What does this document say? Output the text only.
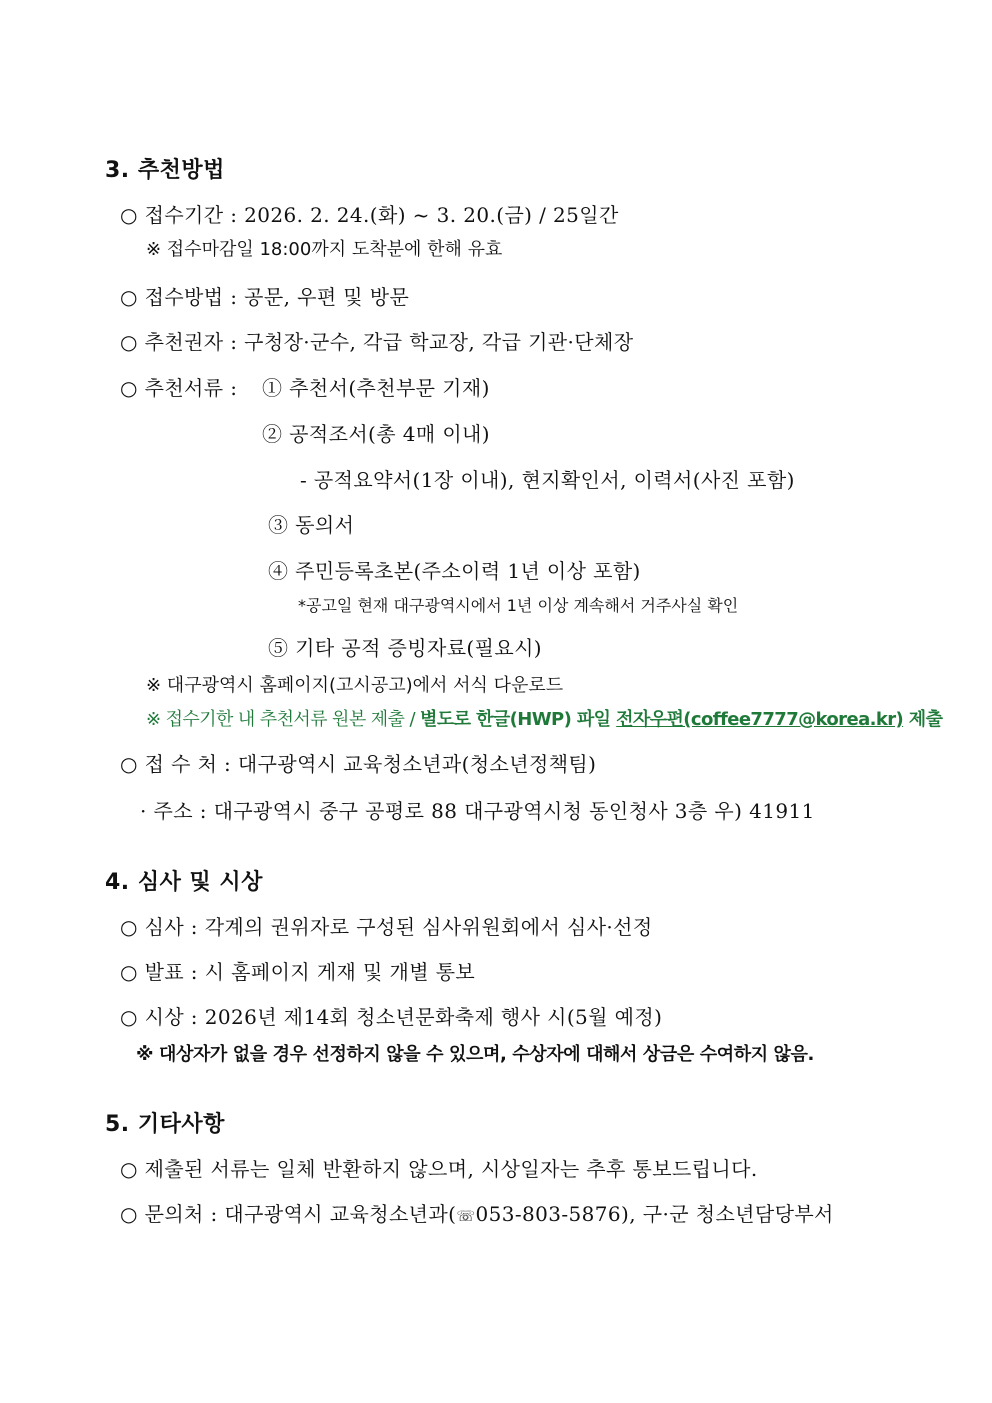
3. 추천방법
○ 접수기간 : 2026. 2. 24.(화) ~ 3. 20.(금) / 25일간
※ 접수마감일 18:00까지 도착분에 한해 유효
○ 접수방법 : 공문, 우편 및 방문
○ 추천권자 : 구청장·군수, 각급 학교장, 각급 기관·단체장
○ 추천서류 : ① 추천서(추천부문 기재)
② 공적조서(총 4매 이내)
- 공적요약서(1장 이내), 현지확인서, 이력서(사진 포함)
③ 동의서
④ 주민등록초본(주소이력 1년 이상 포함)
*공고일 현재 대구광역시에서 1년 이상 계속해서 거주사실 확인
⑤ 기타 공적 증빙자료(필요시)
※ 대구광역시 홈페이지(고시공고)에서 서식 다운로드
※ 접수기한 내 추천서류 원본 제출 / 별도로 한글(HWP) 파일 전자우편(coffee7777@korea.kr) 제출
○ 접 수 처 : 대구광역시 교육청소년과(청소년정책팀)
· 주소 : 대구광역시 중구 공평로 88 대구광역시청 동인청사 3층 우) 41911
4. 심사 및 시상
○ 심사 : 각계의 권위자로 구성된 심사위원회에서 심사·선정
○ 발표 : 시 홈페이지 게재 및 개별 통보
○ 시상 : 2026년 제14회 청소년문화축제 행사 시(5월 예정)
※ 대상자가 없을 경우 선정하지 않을 수 있으며, 수상자에 대해서 상금은 수여하지 않음.
5. 기타사항
○ 제출된 서류는 일체 반환하지 않으며, 시상일자는 추후 통보드립니다.
○ 문의처 : 대구광역시 교육청소년과(☏053-803-5876), 구·군 청소년담당부서
